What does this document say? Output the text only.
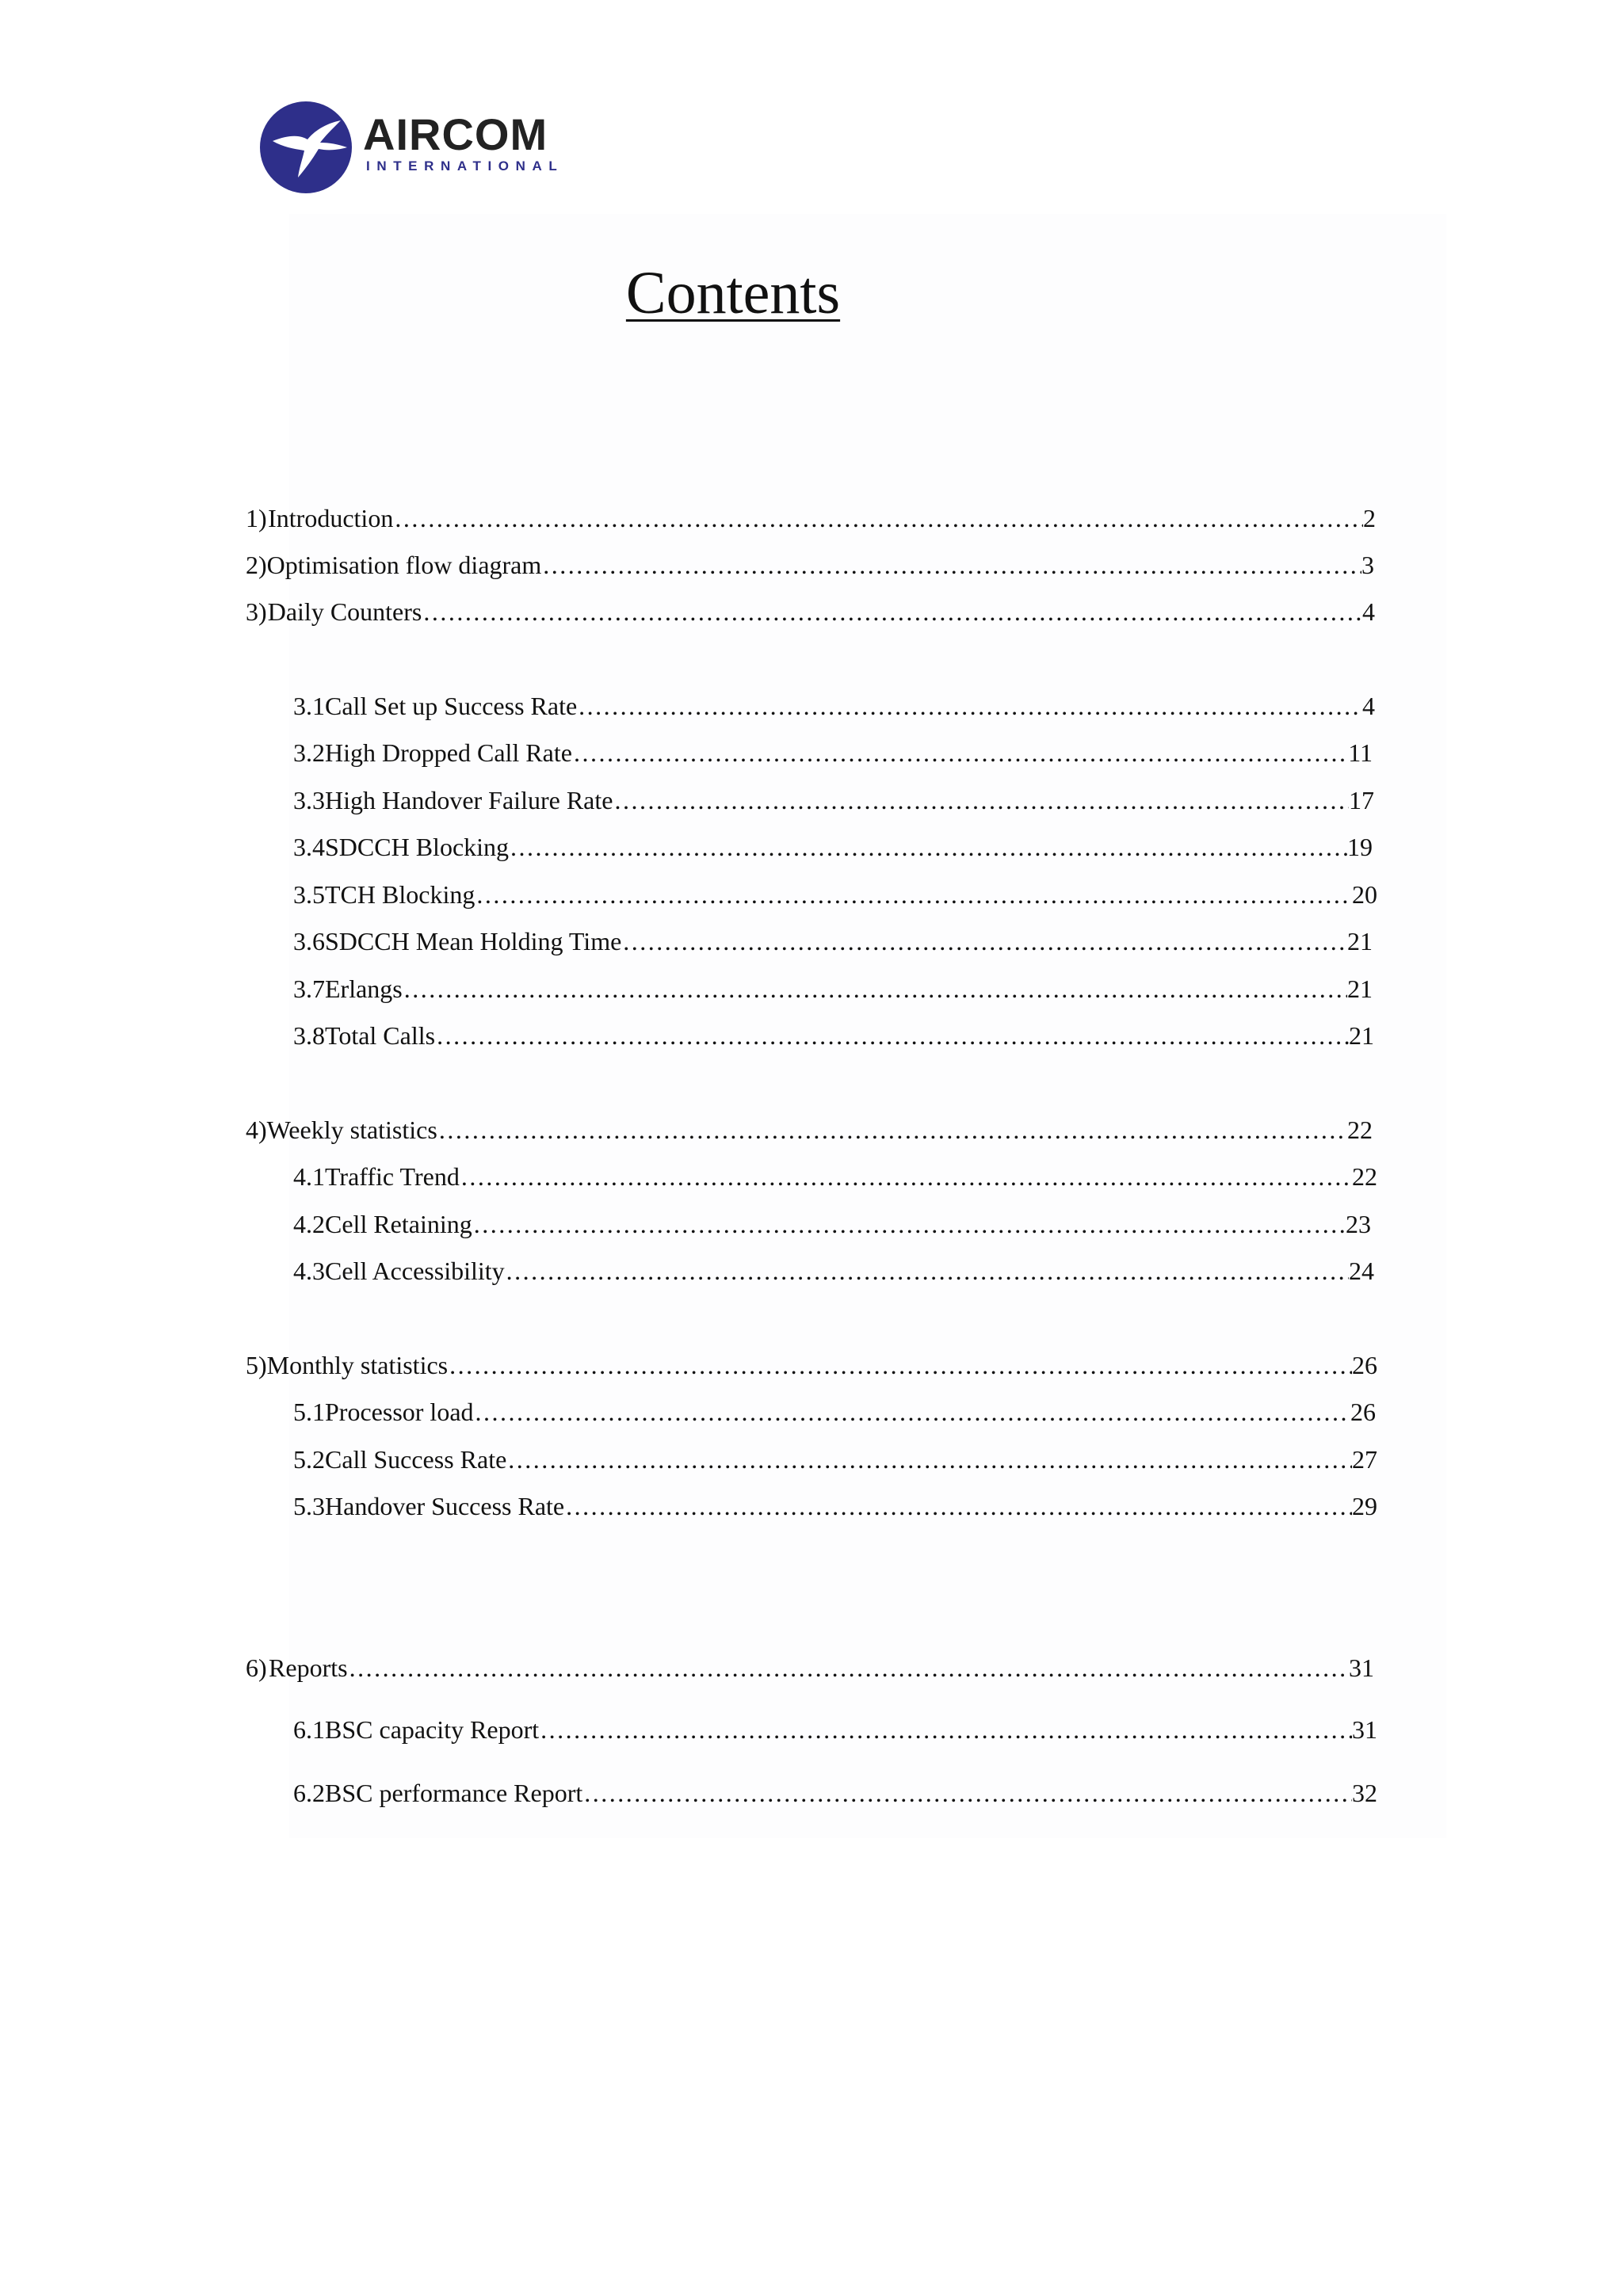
AIRCOM
INTERNATIONAL
Contents
1) Introduction .....	2
2) Optimisation flow diagram .....	3
3) Daily Counters .....	4
3.1 Call Set up Success Rate .....	4
3.2 High Dropped Call Rate .....	11
3.3 High Handover Failure Rate .....	17
3.4 SDCCH Blocking .....	19
3.5 TCH Blocking .....	20
3.6 SDCCH Mean Holding Time .....	21
3.7 Erlangs .....	21
3.8 Total Calls .....	21
4) Weekly statistics .....	22
4.1 Traffic Trend .....	22
4.2 Cell Retaining .....	23
4.3 Cell Accessibility .....	24
5) Monthly statistics .....	26
5.1 Processor load .....	26
5.2 Call Success Rate .....	27
5.3 Handover Success Rate .....	29
6) Reports .....	31
6.1 BSC capacity Report .....	31
6.2 BSC performance Report .....	32
